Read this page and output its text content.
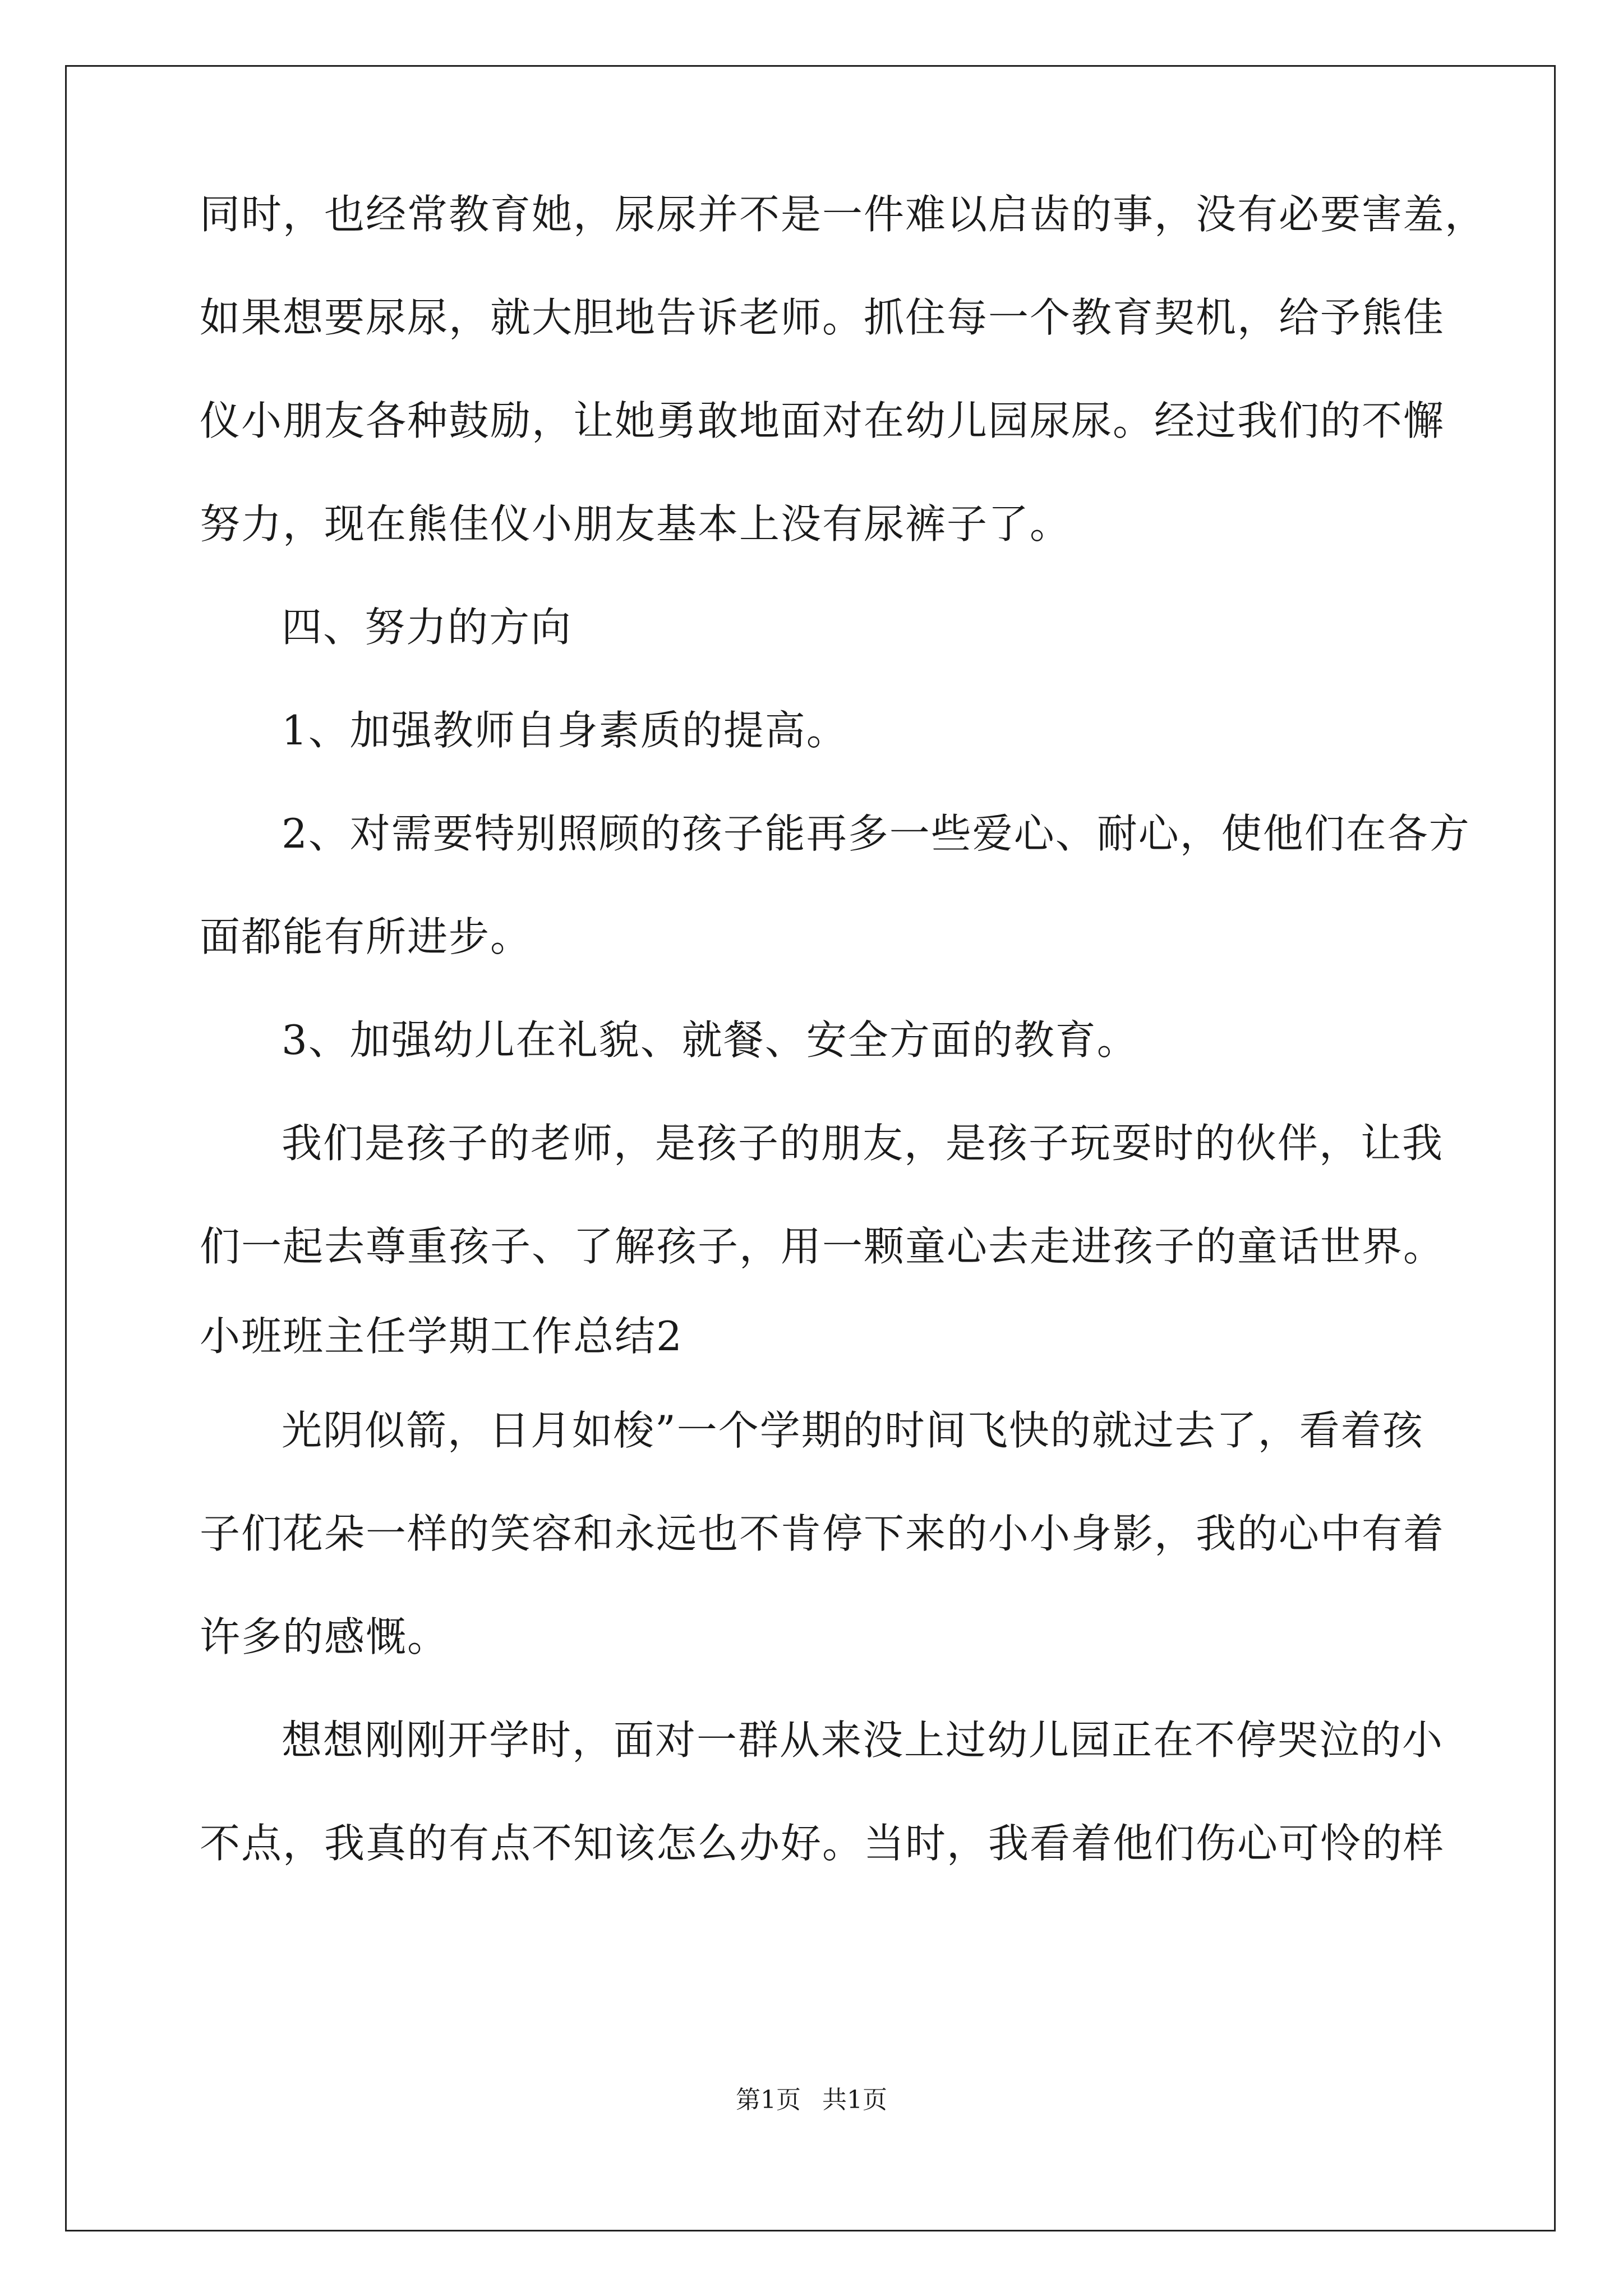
同时，也经常教育她，尿尿并不是一件难以启齿的事，没有必要害羞，
如果想要尿尿，就大胆地告诉老师。抓住每一个教育契机，给予熊佳
仪小朋友各种鼓励，让她勇敢地面对在幼儿园尿尿。经过我们的不懈
努力，现在熊佳仪小朋友基本上没有尿裤子了。
四、努力的方向
1、加强教师自身素质的提高。
2、对需要特别照顾的孩子能再多一些爱心、耐心，使他们在各方
面都能有所进步。
3、加强幼儿在礼貌、就餐、安全方面的教育。
我们是孩子的老师，是孩子的朋友，是孩子玩耍时的伙伴，让我
们一起去尊重孩子、了解孩子，用一颗童心去走进孩子的童话世界。
小班班主任学期工作总结2
光阴似箭，日月如梭”一个学期的时间飞快的就过去了，看着孩
子们花朵一样的笑容和永远也不肯停下来的小小身影，我的心中有着
许多的感慨。
想想刚刚开学时，面对一群从来没上过幼儿园正在不停哭泣的小
不点，我真的有点不知该怎么办好。当时，我看着他们伤心可怜的样
第1页 共1页
